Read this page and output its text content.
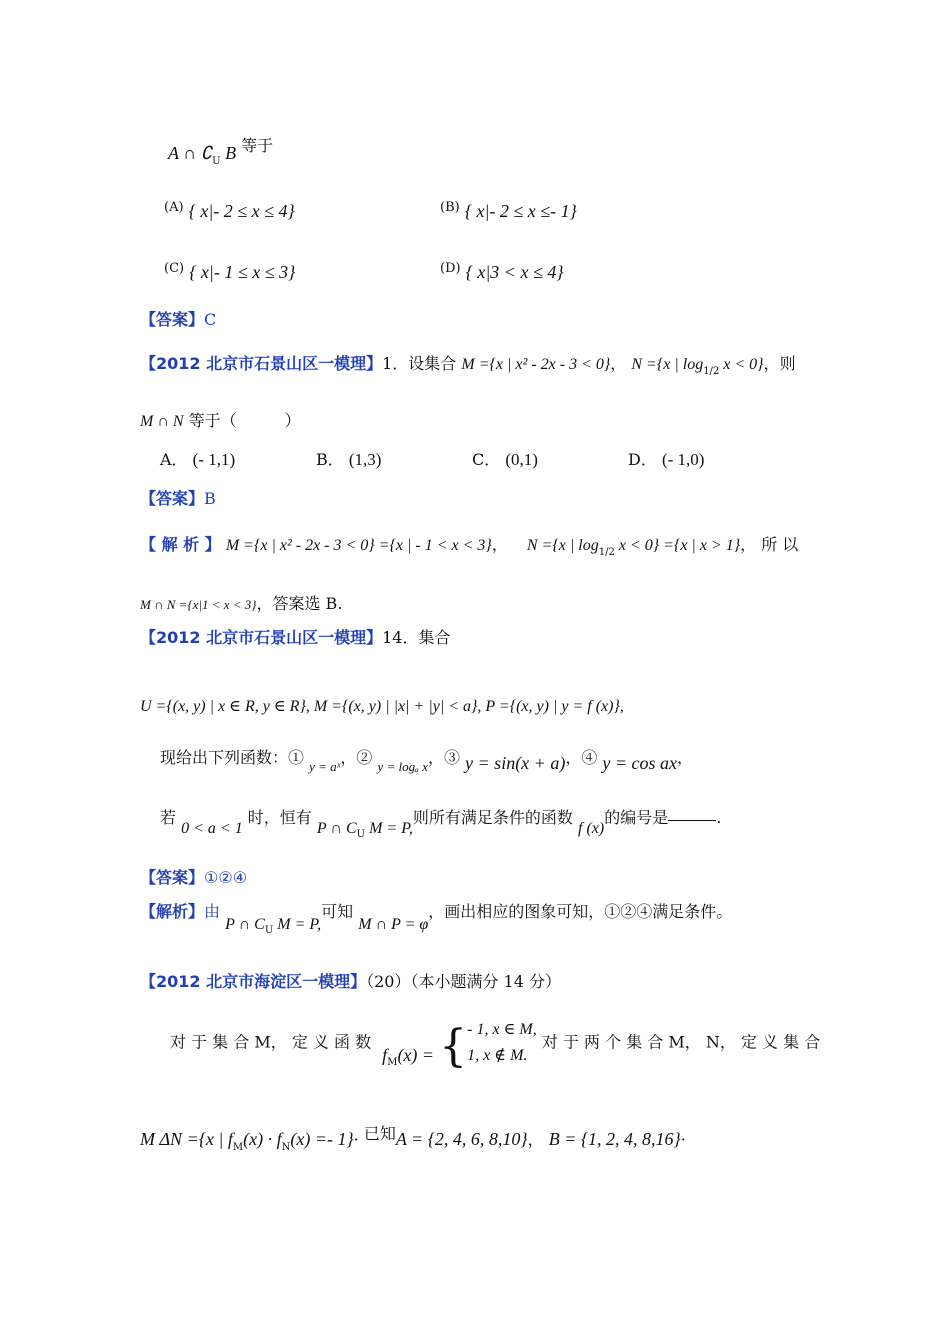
A ∩ $∁_U$ B 等于
$^{(A)}$ { x|- 2 ≤ x ≤ 4}	$^{(B)}$ { x|- 2 ≤ x ≤- 1}
$^{(C)}$ { x|- 1 ≤ x ≤ 3}	$^{(D)}$ { x|3 < x ≤ 4}
【答案】C
【2012 北京市石景山区一模理】1．设集合 M ={x | x² - 2x - 3 < 0}， N ={x | $\log_{1/2} x < 0$}，则
M ∩ N 等于（　　　）
A． (- 1,1)	B． (1,3)	C． (0,1)	D． (- 1,0)
【答案】B
【 解 析 】 M ={x | x² - 2x - 3 < 0} ={x | - 1 < x < 3}， N ={x | $\log_{1/2} x < 0\} =\{x$ | x > 1}， 所 以
M ∩ N ={x|1 < x < 3}，答案选 B.
【2012 北京市石景山区一模理】14．集合
U ={(x, y) | x ∈ R, y ∈ R}, M ={(x, y) | |x| + |y| < a}, P ={(x, y) | y = f (x)},
现给出下列函数：① $_{y = aˣ}$，② $_{y = log_a x}$，③ y = sin(x + a)，④ y = cos ax，
若 0 < a < 1 时，恒有 P ∩ $C_U$ M = P,则所有满足条件的函数 f (x)的编号是	.
【答案】①②④
【解析】由 P ∩ $C_U$ M = P,可知 M ∩ P = φ，画出相应的图象可知，①②④满足条件。
【2012 北京市海淀区一模理】（20）（本小题满分 14 分）
对 于 集 合 M， 定 义 函 数 $f_M(x)$ = { - 1, x ∈ M,
1, x ∉ M.
对 于 两 个 集 合 M， N， 定 义 集 合
M ΔN ={x | $f_M(x) \cdot f_N(x) =- 1\}\cdot$ 已知A = {2, 4, 6, 8,10}， B = {1, 2, 4, 8,16}·
